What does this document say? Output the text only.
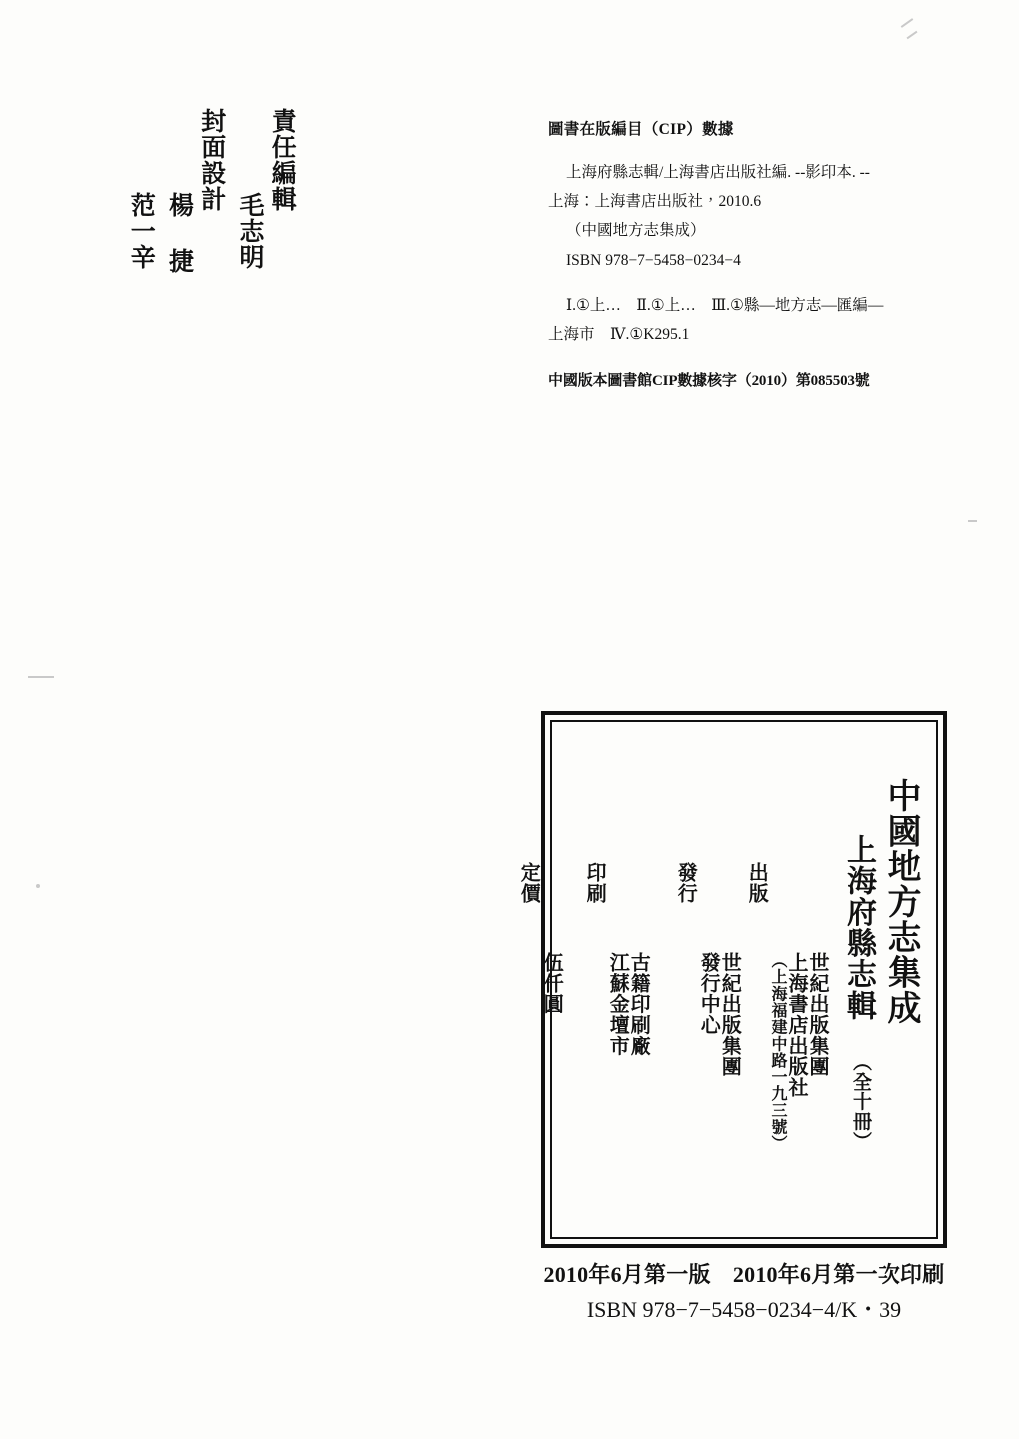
責任編輯
毛志明
封面設計
楊 捷
范一辛
圖書在版編目（CIP）數據
上海府縣志輯/上海書店出版社編. --影印本. --
上海：上海書店出版社，2010.6
（中國地方志集成）
ISBN 978−7−5458−0234−4
Ⅰ.①上…　Ⅱ.①上…　Ⅲ.①縣—地方志—匯編—
上海市　Ⅳ.①K295.1
中國版本圖書館CIP數據核字（2010）第085503號
中國地方志集成
上海府縣志輯
（全十冊）
定價
伍仟圓
印刷
江蘇金壇市
古籍印刷廠
發行
發行中心
世紀出版集團
出版
（上海福建中路一九三號）
上海書店出版社
世紀出版集團
2010年6月第一版　2010年6月第一次印刷
ISBN 978−7−5458−0234−4/K・39
